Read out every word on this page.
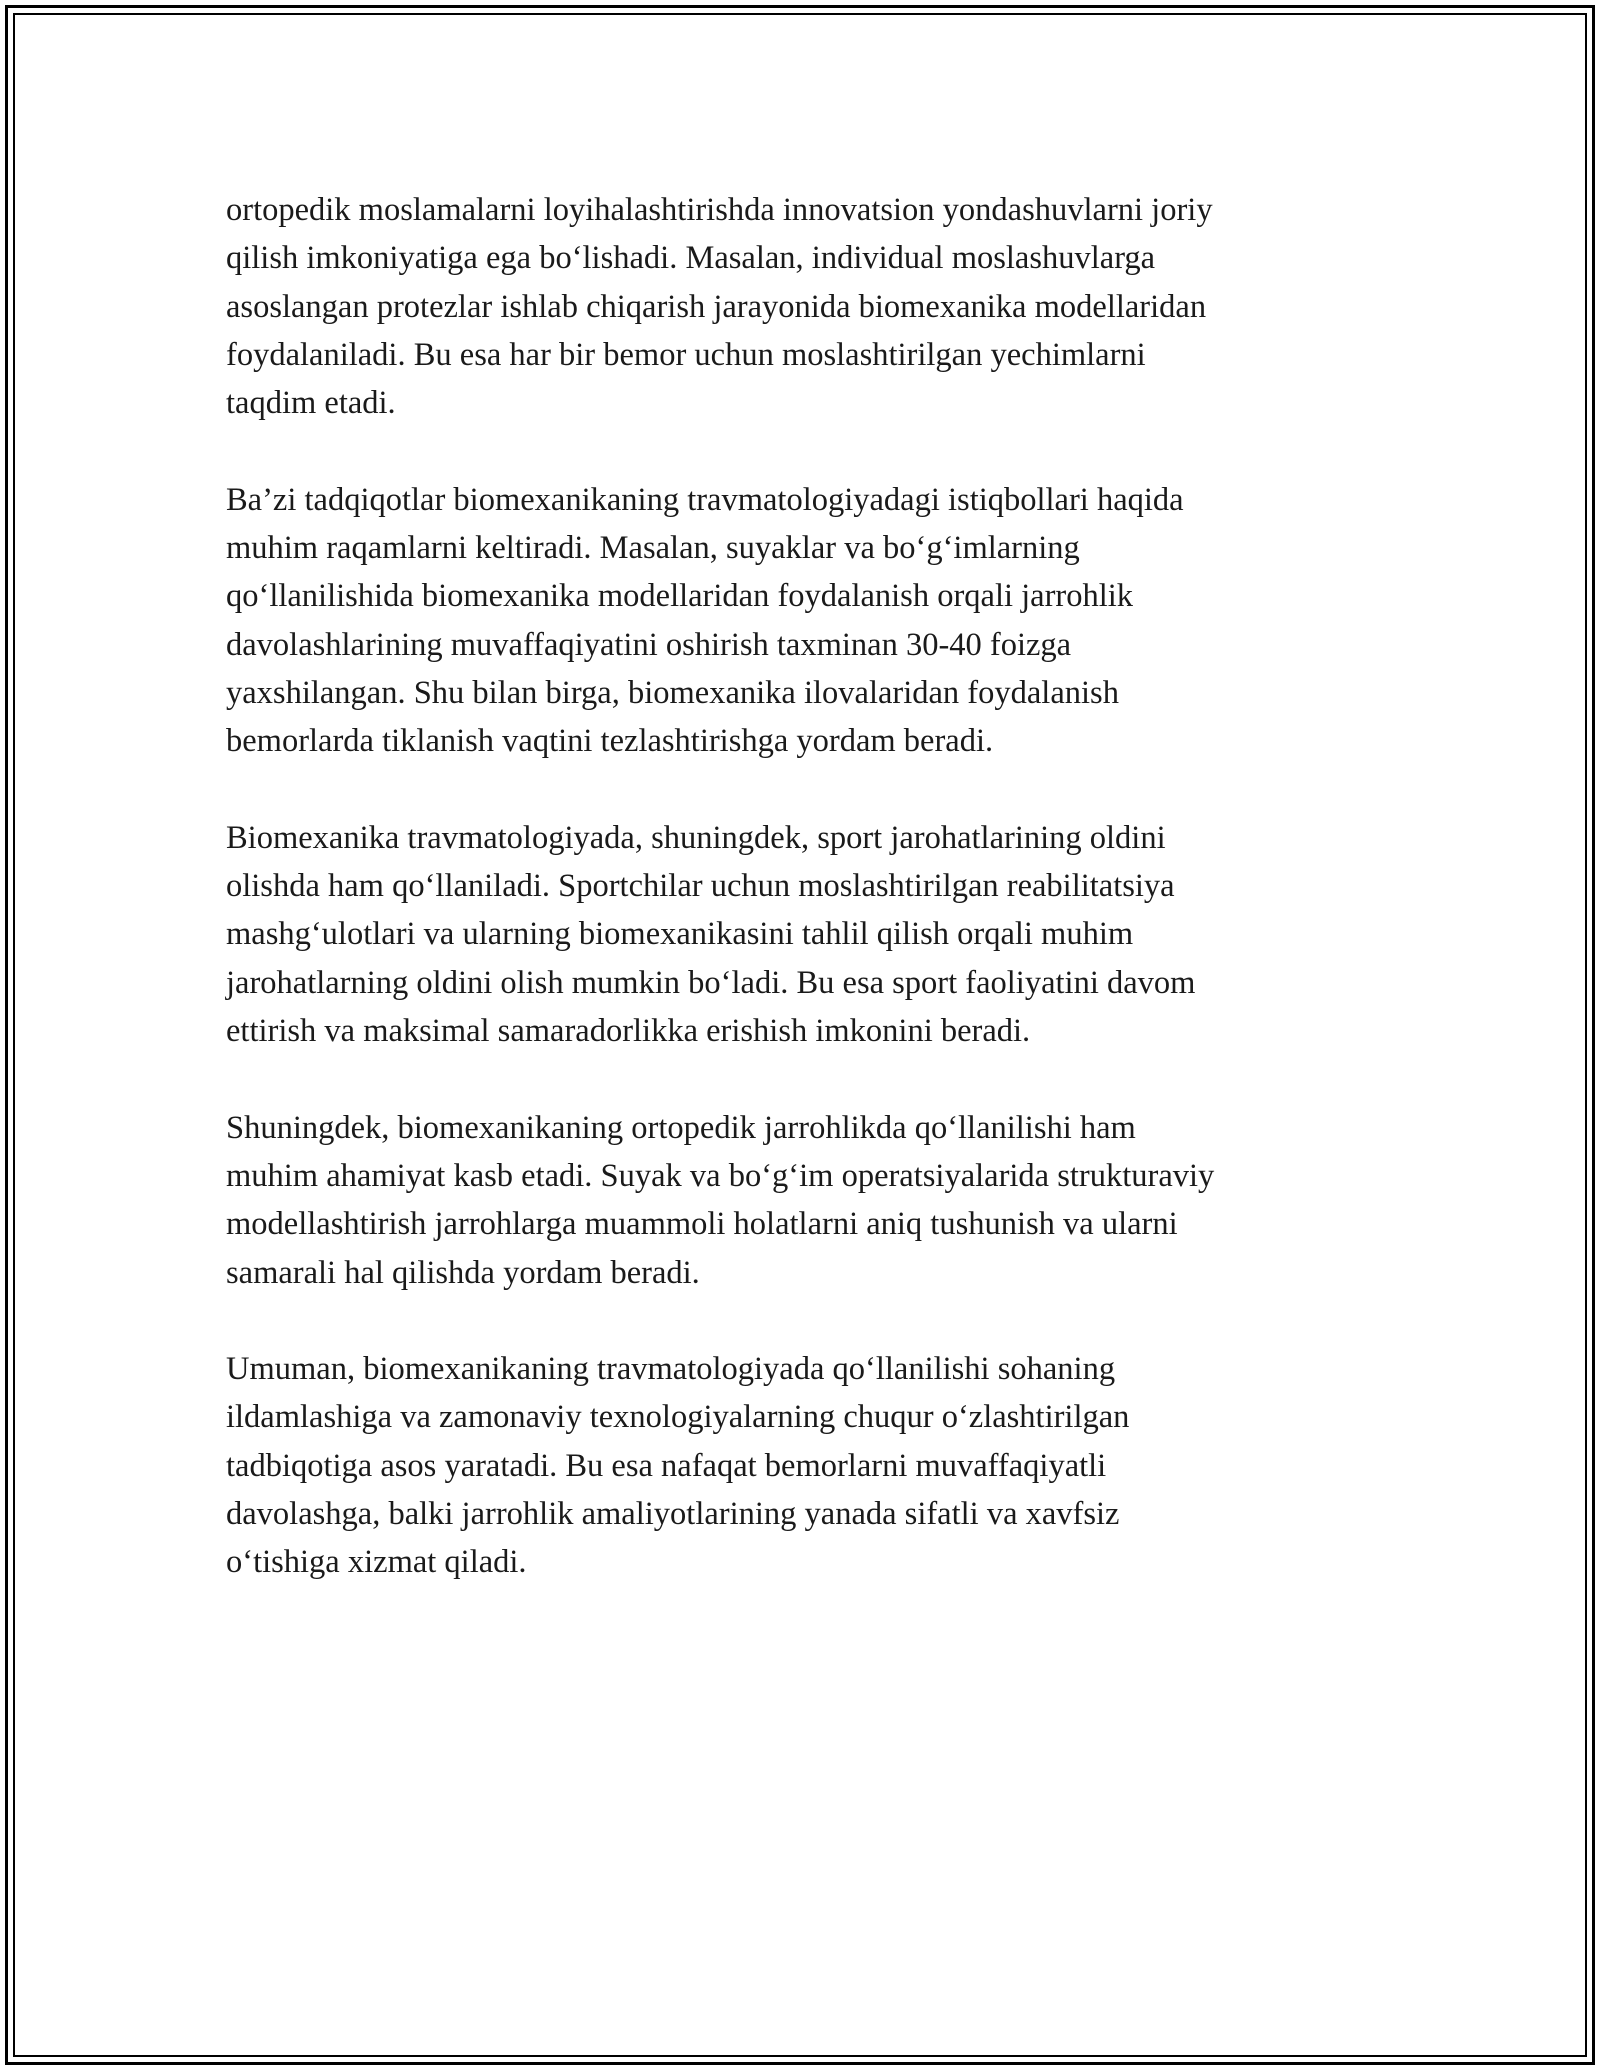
ortopedik moslamalarni loyihalashtirishda innovatsion yondashuvlarni joriy
qilish imkoniyatiga ega bo‘lishadi. Masalan, individual moslashuvlarga
asoslangan protezlar ishlab chiqarish jarayonida biomexanika modellaridan
foydalaniladi. Bu esa har bir bemor uchun moslashtirilgan yechimlarni
taqdim etadi.

Ba’zi tadqiqotlar biomexanikaning travmatologiyadagi istiqbollari haqida
muhim raqamlarni keltiradi. Masalan, suyaklar va bo‘g‘imlarning
qo‘llanilishida biomexanika modellaridan foydalanish orqali jarrohlik
davolashlarining muvaffaqiyatini oshirish taxminan 30-40 foizga
yaxshilangan. Shu bilan birga, biomexanika ilovalaridan foydalanish
bemorlarda tiklanish vaqtini tezlashtirishga yordam beradi.

Biomexanika travmatologiyada, shuningdek, sport jarohatlarining oldini
olishda ham qo‘llaniladi. Sportchilar uchun moslashtirilgan reabilitatsiya
mashg‘ulotlari va ularning biomexanikasini tahlil qilish orqali muhim
jarohatlarning oldini olish mumkin bo‘ladi. Bu esa sport faoliyatini davom
ettirish va maksimal samaradorlikka erishish imkonini beradi.

Shuningdek, biomexanikaning ortopedik jarrohlikda qo‘llanilishi ham
muhim ahamiyat kasb etadi. Suyak va bo‘g‘im operatsiyalarida strukturaviy
modellashtirish jarrohlarga muammoli holatlarni aniq tushunish va ularni
samarali hal qilishda yordam beradi.

Umuman, biomexanikaning travmatologiyada qo‘llanilishi sohaning
ildamlashiga va zamonaviy texnologiyalarning chuqur o‘zlashtirilgan
tadbiqotiga asos yaratadi. Bu esa nafaqat bemorlarni muvaffaqiyatli
davolashga, balki jarrohlik amaliyotlarining yanada sifatli va xavfsiz
o‘tishiga xizmat qiladi.
